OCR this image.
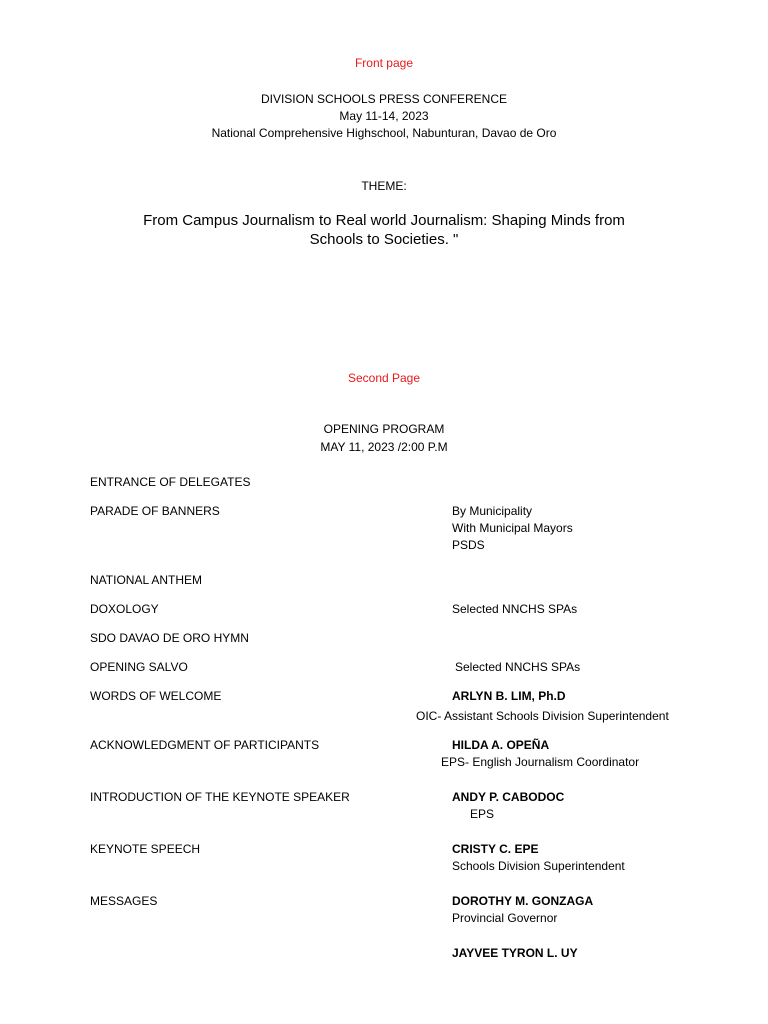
Front page
DIVISION SCHOOLS PRESS CONFERENCE
May 11-14, 2023
National Comprehensive Highschool, Nabunturan, Davao de Oro
THEME:
From Campus Journalism to Real world Journalism: Shaping Minds from
Schools to Societies. "
Second Page
OPENING PROGRAM
MAY 11, 2023 /2:00 P.M
ENTRANCE OF DELEGATES
PARADE OF BANNERS	By Municipality
With Municipal Mayors
PSDS
NATIONAL ANTHEM
DOXOLOGY	Selected NNCHS SPAs
SDO DAVAO DE ORO HYMN
OPENING SALVO	Selected NNCHS SPAs
WORDS OF WELCOME	ARLYN B. LIM, Ph.D
OIC- Assistant Schools Division Superintendent
ACKNOWLEDGMENT OF PARTICIPANTS	HILDA A. OPEÑA
EPS- English Journalism Coordinator
INTRODUCTION OF THE KEYNOTE SPEAKER	ANDY P. CABODOC
EPS
KEYNOTE SPEECH	CRISTY C. EPE
Schools Division Superintendent
MESSAGES	DOROTHY M. GONZAGA
Provincial Governor
JAYVEE TYRON L. UY
